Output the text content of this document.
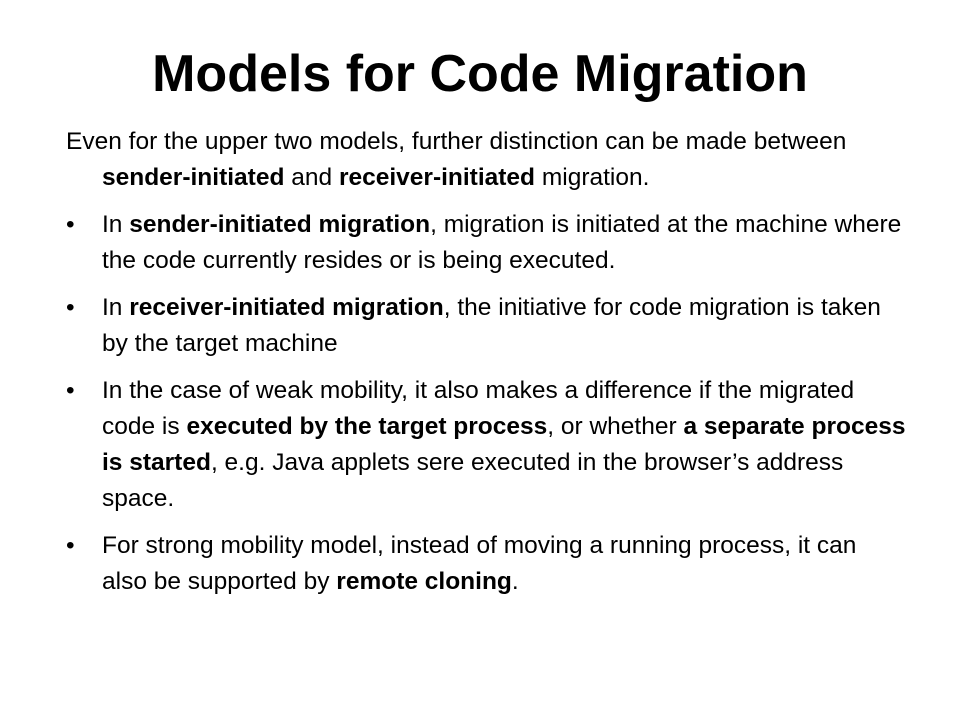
Models for Code Migration

Even for the upper two models, further distinction can be made between sender-initiated and receiver-initiated migration.

•	In sender-initiated migration, migration is initiated at the machine where the code currently resides or is being executed.
•	In receiver-initiated migration, the initiative for code migration is taken by the target machine
•	In the case of weak mobility, it also makes a difference if the migrated code is executed by the target process, or whether a separate process is started, e.g. Java applets sere executed in the browser’s address space.
•	For strong mobility model, instead of moving a running process, it can also be supported by remote cloning.
